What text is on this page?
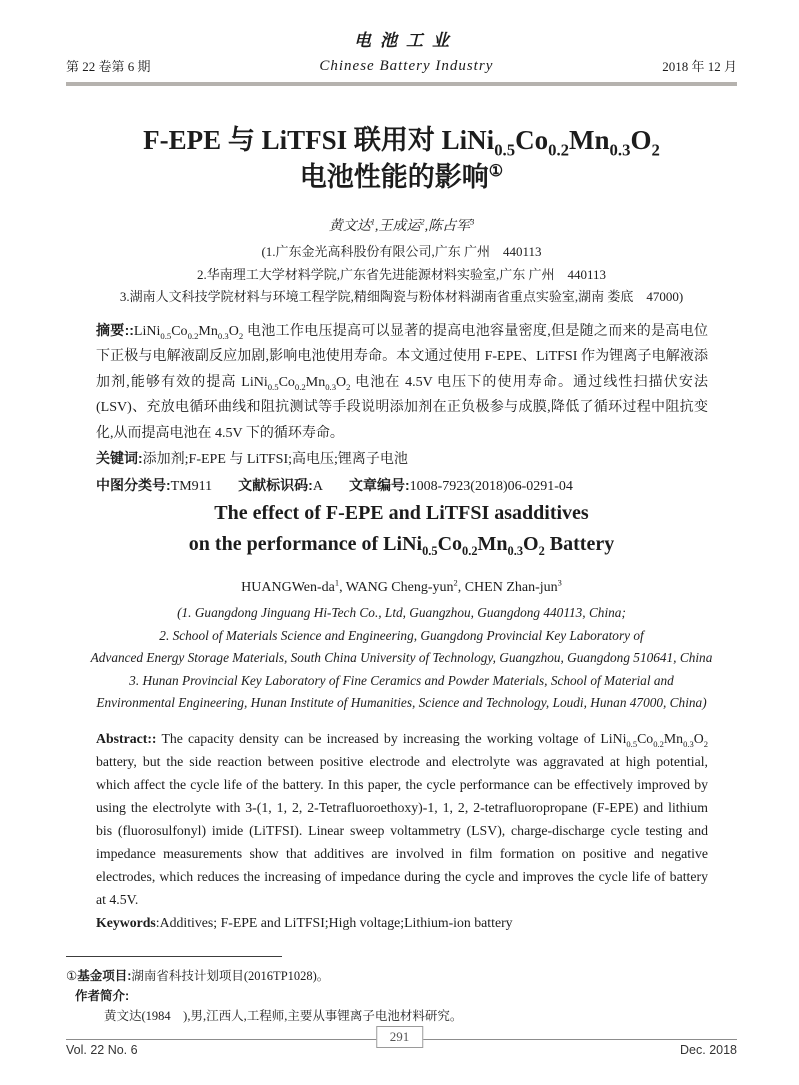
电池工业
第 22 卷第 6 期	Chinese Battery Industry	2018 年 12 月
F-EPE 与 LiTFSI 联用对 $LiNi_{0.5}Co_{0.2}Mn_{0.3}O_2$
电池性能的影响①
黄文达$^1$,王成运$^2$,陈占军$^3$
(1.广东金光高科股份有限公司,广东 广州　440113
2.华南理工大学材料学院,广东省先进能源材料实验室,广东 广州　440113
3.湖南人文科技学院材料与环境工程学院,精细陶瓷与粉体材料湖南省重点实验室,湖南 娄底　47000)

摘要$::LiNi_{0.5}Co_{0.2}Mn_{0.3}O_2$ 电池工作电压提高可以显著的提高电池容量密度,但是随之而来的是高电位下正极与电解液副反应加剧,影响电池使用寿命。本文通过使用 F-EPE、LiTFSI 作为锂离子电解液添加剂,能够有效的提高 $LiNi_{0.5}Co_{0.2}Mn_{0.3}O_2$ 电池在 4.5V 电压下的使用寿命。通过线性扫描伏安法(LSV)、充放电循环曲线和阻抗测试等手段说明添加剂在正负极参与成膜,降低了循环过程中阻抗变化,从而提高电池在 4.5V 下的循环寿命。

关键词:添加剂;F-EPE 与 LiTFSI;高电压;锂离子电池

中图分类号:TM911 文献标识码:A 文章编号:1008-7923(2018)06-0291-04

The effect of F-EPE and LiTFSI asadditives
on the performance of $LiNi_{0.5}Co_{0.2}Mn_{0.3}O_2$ Battery
HUANGWen-$da^1$, WANG Cheng-yun$^2$, CHEN Zhan-jun$^3$
(1. Guangdong Jinguang Hi-Tech Co., Ltd, Guangzhou, Guangdong 440113, China;
2. School of Materials Science and Engineering, Guangdong Provincial Key Laboratory of
Advanced Energy Storage Materials, South China University of Technology, Guangzhou, Guangdong 510641, China
3. Hunan Provincial Key Laboratory of Fine Ceramics and Powder Materials, School of Material and
Environmental Engineering, Hunan Institute of Humanities, Science and Technology, Loudi, Hunan 47000, China)

Abstract:: The capacity density can be increased by increasing the working voltage of $LiNi_{0.5}Co_{0.2}Mn_{0.3}O_2$ battery, but the side reaction between positive electrode and electrolyte was aggravated at high potential, which affect the cycle life of the battery. In this paper, the cycle performance can be effectively improved by using the electrolyte with 3-(1, 1, 2, 2-Tetrafluoroethoxy)-1, 1, 2, 2-tetrafluoropropane (F-EPE) and lithium bis (fluorosulfonyl) imide (LiTFSI). Linear sweep voltammetry (LSV), charge-discharge cycle testing and impedance measurements show that additives are involved in film formation on positive and negative electrodes, which reduces the increasing of impedance during the cycle and improves the cycle life of battery at 4.5V.

Keywords:Additives; F-EPE and LiTFSI;High voltage;Lithium-ion battery

①基金项目:湖南省科技计划项目(2016TP1028)。
作者简介:
黄文达(1984　),男,江西人,工程师,主要从事锂离子电池材料研究。
291
Vol. 22 No. 6	Dec. 2018
